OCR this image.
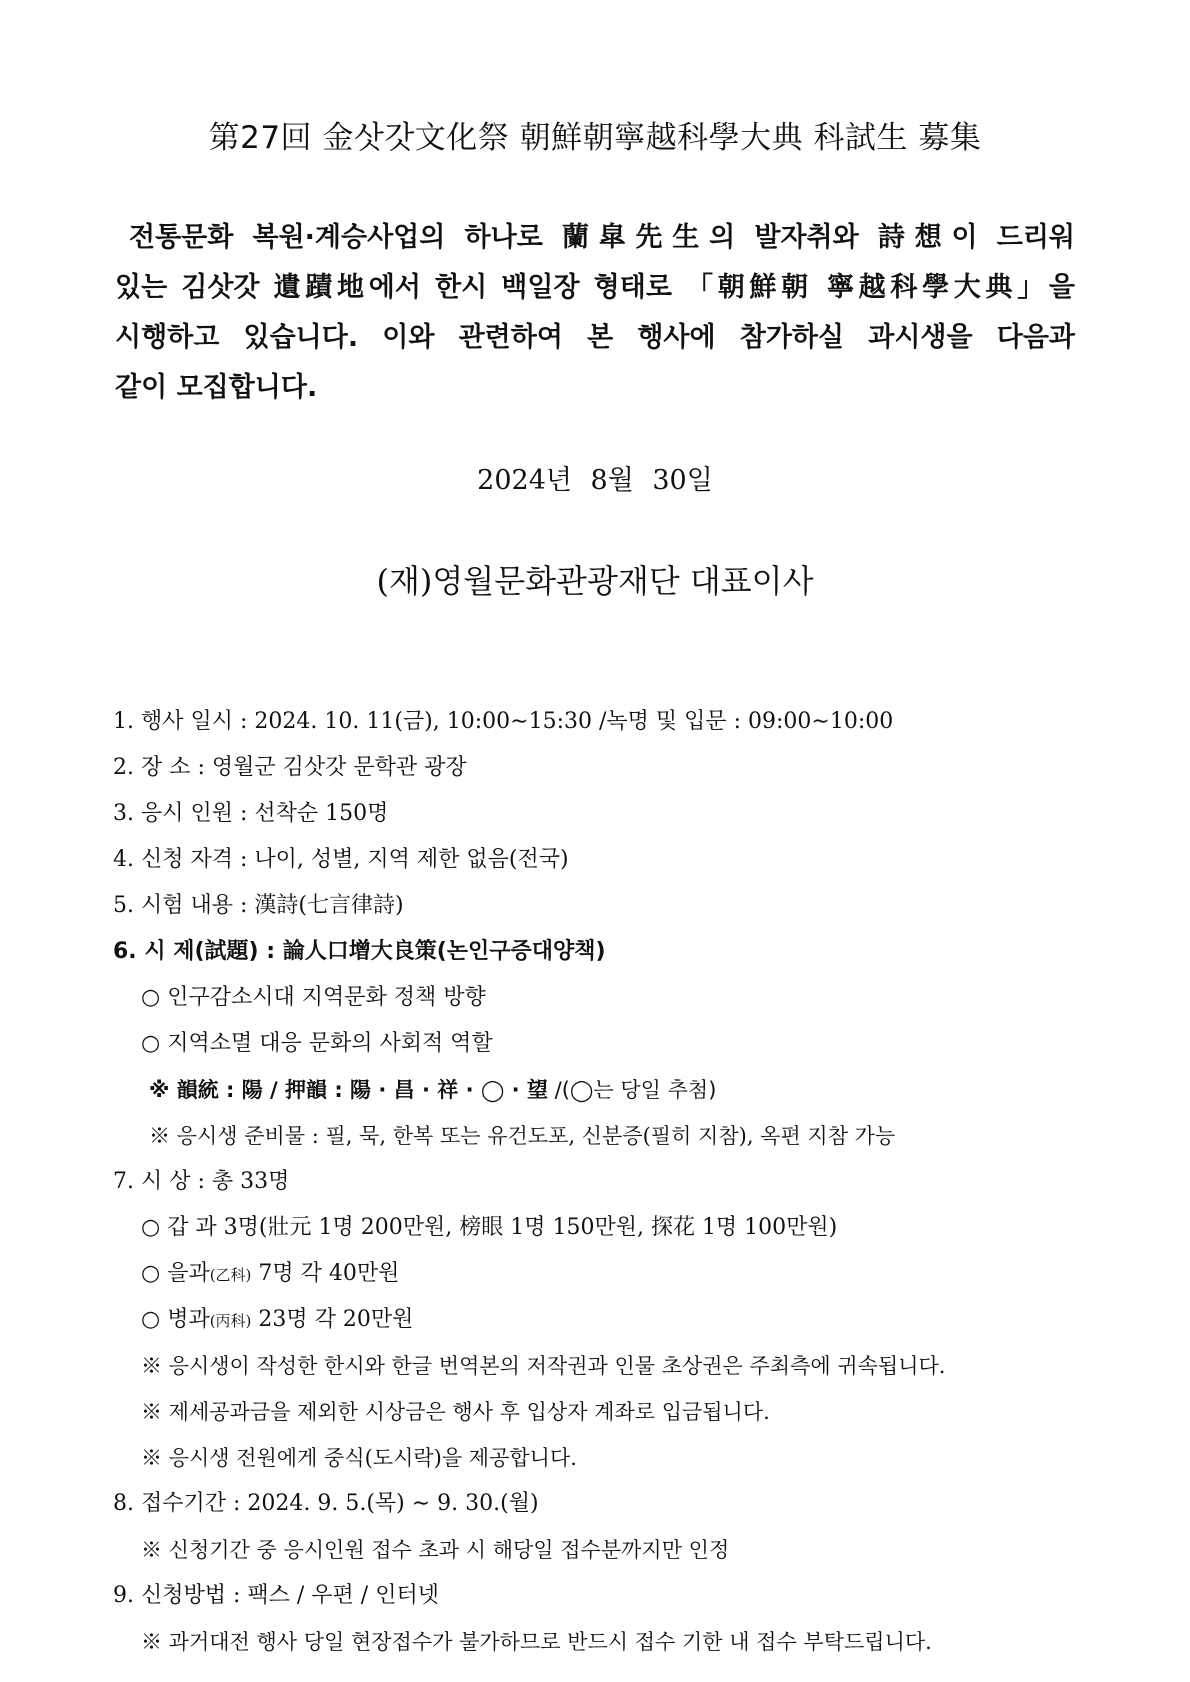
第27回 金삿갓文化祭 朝鮮朝寧越科學大典 科試生 募集
전통문화 복원·계승사업의 하나로 蘭皐先生의 발자취와 詩想이 드리워
있는 김삿갓 遺蹟地에서 한시 백일장 형태로 「朝鮮朝 寧越科學大典」을
시행하고 있습니다. 이와 관련하여 본 행사에 참가하실 과시생을 다음과
같이 모집합니다.
2024년 8월 30일
(재)영월문화관광재단 대표이사
1. 행사 일시 : 2024. 10. 11(금), 10:00∼15:30 /녹명 및 입문 : 09:00∼10:00
2. 장 소 : 영월군 김삿갓 문학관 광장
3. 응시 인원 : 선착순 150명
4. 신청 자격 : 나이, 성별, 지역 제한 없음(전국)
5. 시험 내용 : 漢詩(七言律詩)
6. 시 제(試題) : 論人口增大良策(논인구증대양책)
○ 인구감소시대 지역문화 정책 방향
○ 지역소멸 대응 문화의 사회적 역할
※ 韻統 : 陽 / 押韻 : 陽 · 昌 · 祥 · ◯ · 望 /(◯는 당일 추첨)
※ 응시생 준비물 : 필, 묵, 한복 또는 유건도포, 신분증(필히 지참), 옥편 지참 가능
7. 시 상 : 총 33명
○ 갑 과 3명(壯元 1명 200만원, 榜眼 1명 150만원, 探花 1명 100만원)
○ 을과(乙科) 7명 각 40만원
○ 병과(丙科) 23명 각 20만원
※ 응시생이 작성한 한시와 한글 번역본의 저작권과 인물 초상권은 주최측에 귀속됩니다.
※ 제세공과금을 제외한 시상금은 행사 후 입상자 계좌로 입금됩니다.
※ 응시생 전원에게 중식(도시락)을 제공합니다.
8. 접수기간 : 2024. 9. 5.(목) ∼ 9. 30.(월)
※ 신청기간 중 응시인원 접수 초과 시 해당일 접수분까지만 인정
9. 신청방법 : 팩스 / 우편 / 인터넷
※ 과거대전 행사 당일 현장접수가 불가하므로 반드시 접수 기한 내 접수 부탁드립니다.
